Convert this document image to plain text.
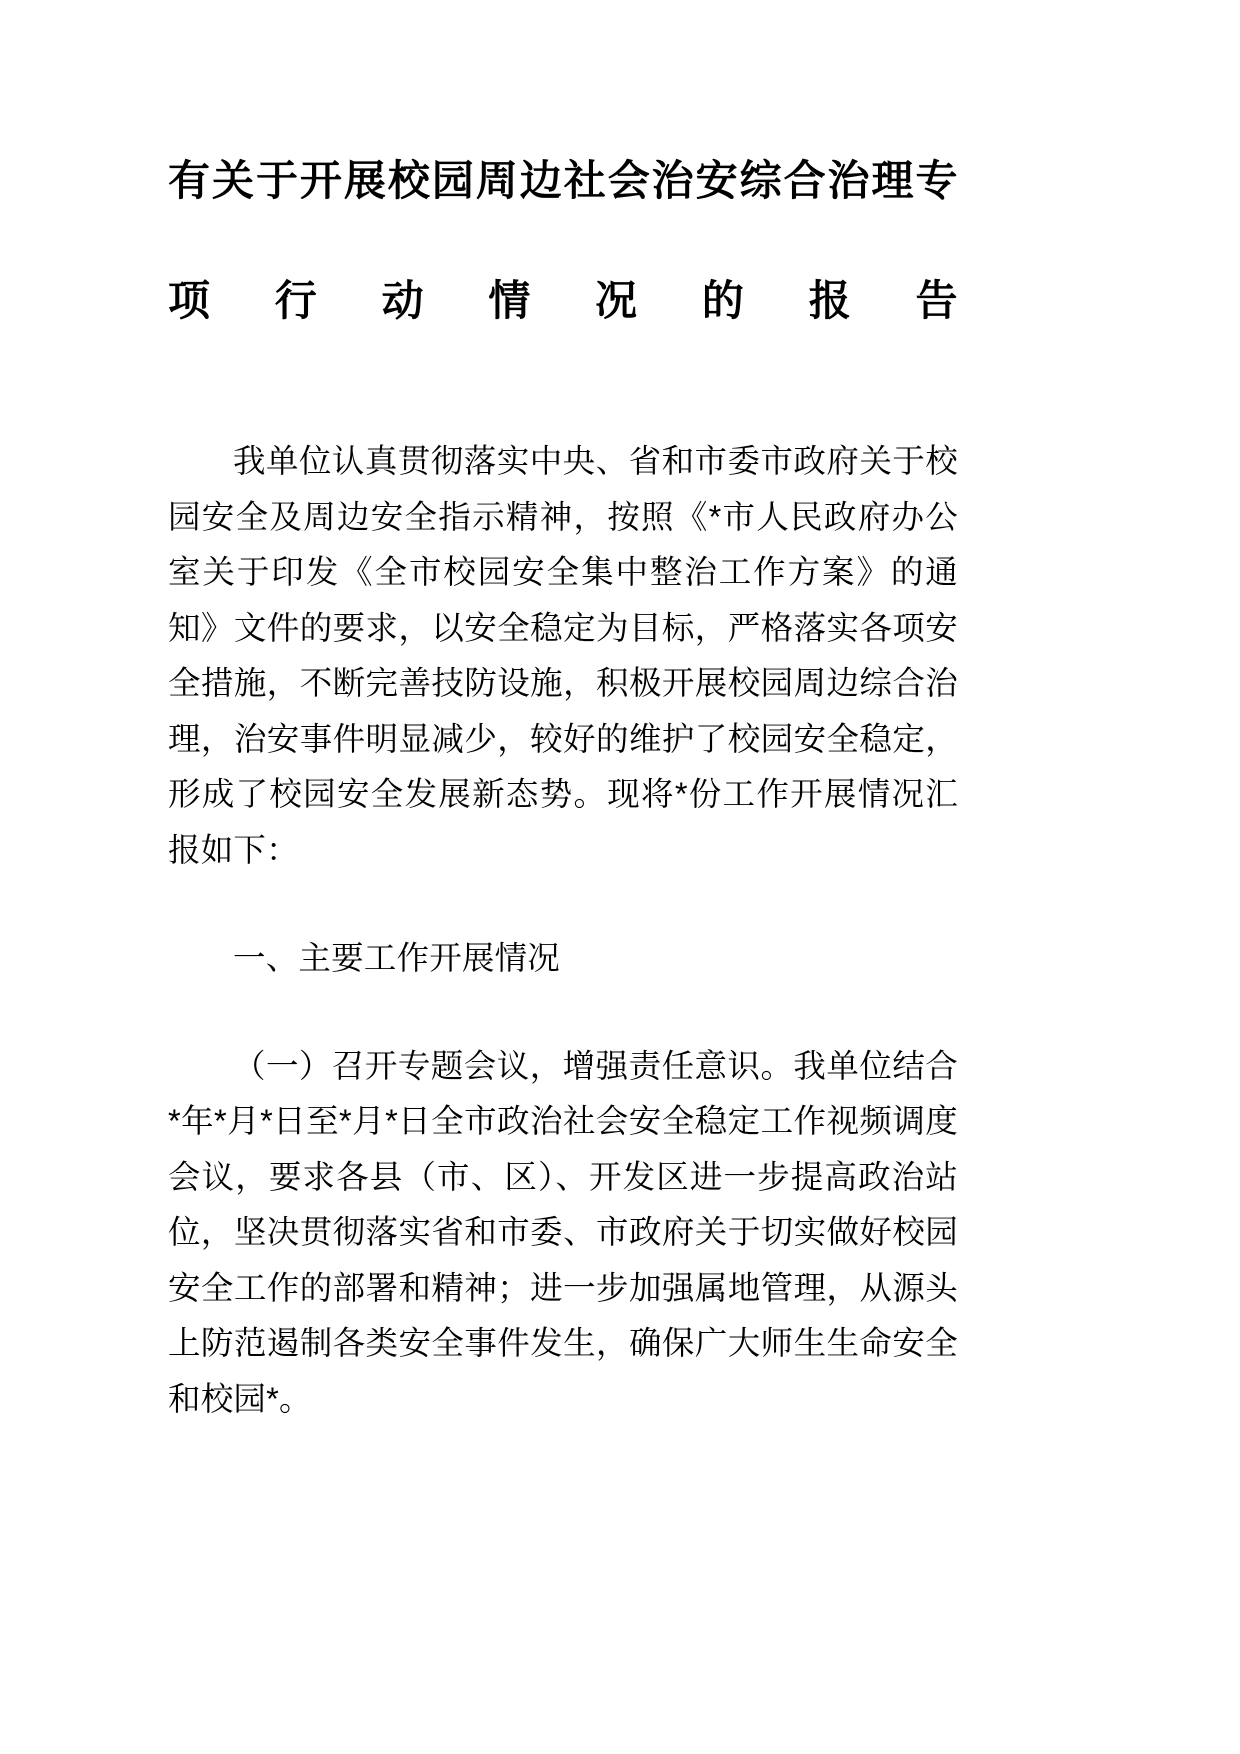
有关于开展校园周边社会治安综合治理专
项行动情况的报告

我单位认真贯彻落实中央、省和市委市政府关于校园安全及周边安全指示精神，按照《*市人民政府办公室关于印发《全市校园安全集中整治工作方案》的通知》文件的要求，以安全稳定为目标，严格落实各项安全措施，不断完善技防设施，积极开展校园周边综合治理，治安事件明显减少，较好的维护了校园安全稳定，形成了校园安全发展新态势。现将*份工作开展情况汇报如下：

一、主要工作开展情况

（一）召开专题会议，增强责任意识。我单位结合*年*月*日至*月*日全市政治社会安全稳定工作视频调度会议，要求各县（市、区）、开发区进一步提高政治站位，坚决贯彻落实省和市委、市政府关于切实做好校园安全工作的部署和精神；进一步加强属地管理，从源头上防范遏制各类安全事件发生，确保广大师生生命安全和校园*。
